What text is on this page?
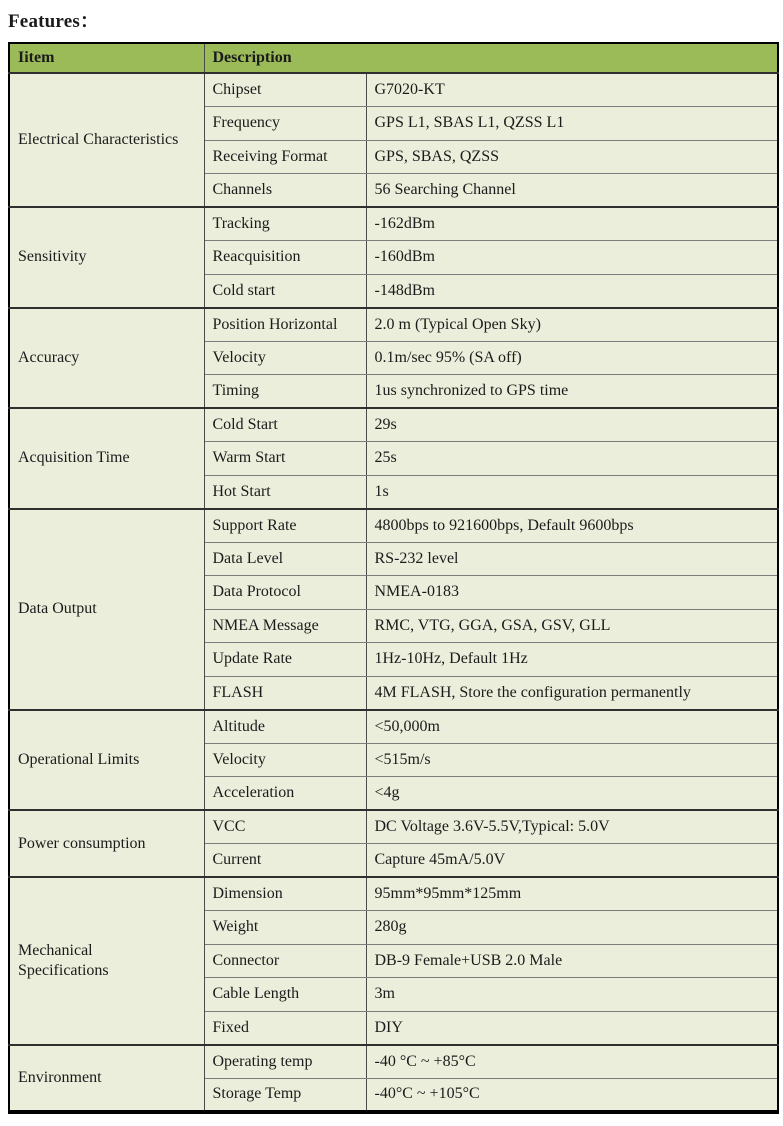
Features：
Iitem	Description	
Electrical Characteristics	Chipset	G7020-KT
	Frequency	GPS L1, SBAS L1, QZSS L1
	Receiving Format	GPS, SBAS, QZSS
	Channels	56 Searching Channel
Sensitivity	Tracking	-162dBm
	Reacquisition	-160dBm
	Cold start	-148dBm
Accuracy	Position Horizontal	2.0 m (Typical Open Sky)
	Velocity	0.1m/sec 95% (SA off)
	Timing	1us synchronized to GPS time
Acquisition Time	Cold Start	29s
	Warm Start	25s
	Hot Start	1s
Data Output	Support Rate	4800bps to 921600bps, Default 9600bps
	Data Level	RS-232 level
	Data Protocol	NMEA-0183
	NMEA Message	RMC, VTG, GGA, GSA, GSV, GLL
	Update Rate	1Hz-10Hz, Default 1Hz
	FLASH	4M FLASH, Store the configuration permanently
Operational Limits	Altitude	<50,000m
	Velocity	<515m/s
	Acceleration	<4g
Power consumption	VCC	DC Voltage 3.6V-5.5V,Typical: 5.0V
	Current	Capture 45mA/5.0V
Mechanical Specifications	Dimension	95mm*95mm*125mm
	Weight	280g
	Connector	DB-9 Female+USB 2.0 Male
	Cable Length	3m
	Fixed	DIY
Environment	Operating temp	-40 °C ~ +85°C
	Storage Temp	-40°C ~ +105°C
